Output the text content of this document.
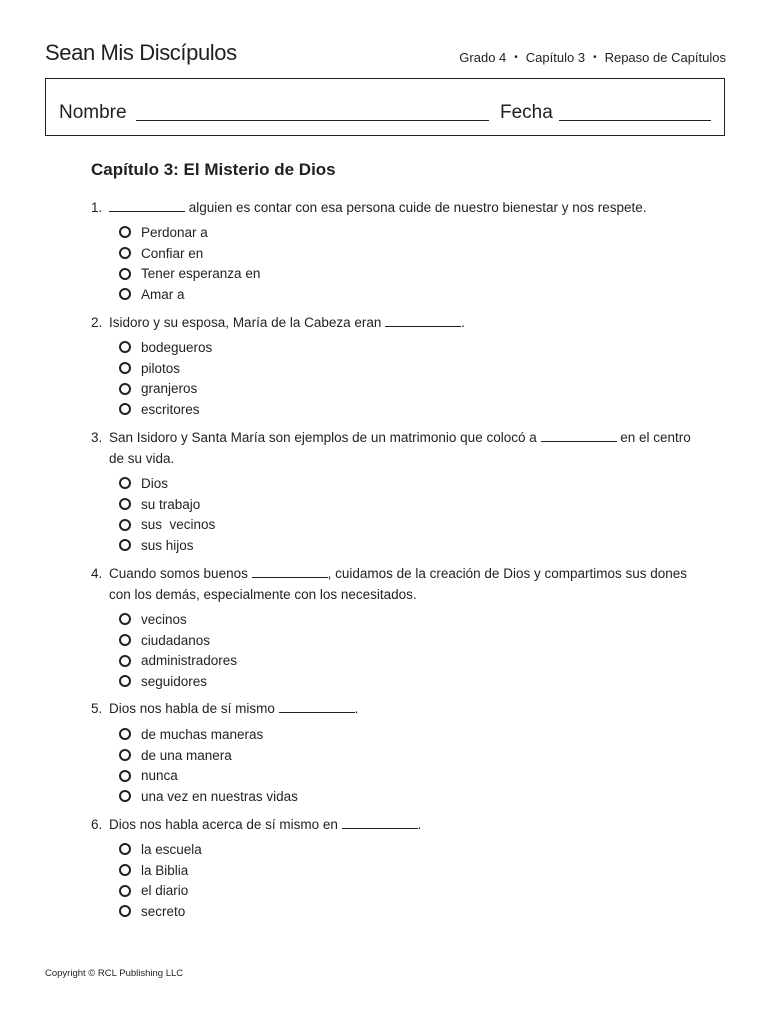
Sean Mis Discípulos	Grado 4 • Capítulo 3 • Repaso de Capítulos
Nombre	Fecha
Capítulo 3: El Misterio de Dios
1.	alguien es contar con esa persona cuide de nuestro bienestar y nos respete.
Perdonar a
Confiar en
Tener esperanza en
Amar a
2. Isidoro y su esposa, María de la Cabeza eran	.
bodegueros
pilotos
granjeros
escritores
3. San Isidoro y Santa María son ejemplos de un matrimonio que colocó a	en el centro de su vida.
Dios
su trabajo
sus  vecinos
sus hijos
4. Cuando somos buenos	, cuidamos de la creación de Dios y compartimos sus dones con los demás, especialmente con los necesitados.
vecinos
ciudadanos
administradores
seguidores
5. Dios nos habla de sí mismo	.
de muchas maneras
de una manera
nunca
una vez en nuestras vidas
6. Dios nos habla acerca de sí mismo en	.
la escuela
la Biblia
el diario
secreto
Copyright © RCL Publishing LLC
